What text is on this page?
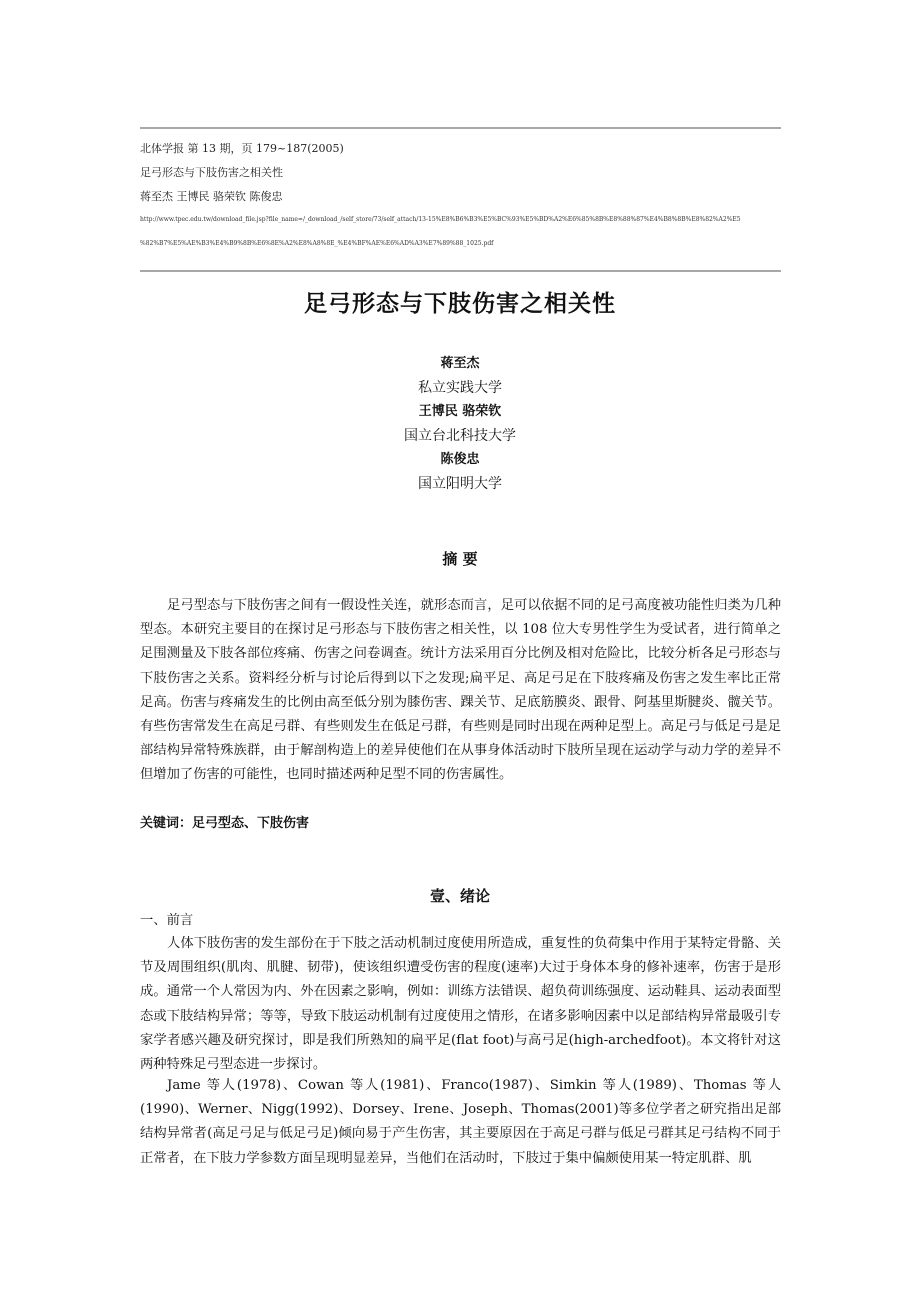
北体学报 第 13 期，页 179~187(2005)
足弓形态与下肢伤害之相关性
蒋至杰 王博民 骆荣钦 陈俊忠
http://www.tpec.edu.tw/download_file.jsp?file_name=/_download_/self_store/73/self_attach/13-15%E8%B6%B3%E5%BC%93%E5%BD%A2%E6%85%8B%E8%88%87%E4%B8%8B%E8%82%A2%E5
%82%B7%E5%AE%B3%E4%B9%8B%E6%8E%A2%E8%A8%8E_%E4%BF%AE%E6%AD%A3%E7%89%88_1025.pdf
足弓形态与下肢伤害之相关性
蒋至杰
私立实践大学
王博民 骆荣钦
国立台北科技大学
陈俊忠
国立阳明大学
摘 要

足弓型态与下肢伤害之间有一假设性关连，就形态而言，足可以依据不同的足弓高度被功能性归类为几种型态。本研究主要目的在探讨足弓形态与下肢伤害之相关性，以 108 位大专男性学生为受试者，进行简单之足围测量及下肢各部位疼痛、伤害之问卷调查。统计方法采用百分比例及相对危险比，比较分析各足弓形态与下肢伤害之关系。资料经分析与讨论后得到以下之发现;扁平足、高足弓足在下肢疼痛及伤害之发生率比正常足高。伤害与疼痛发生的比例由高至低分别为膝伤害、踝关节、足底筋膜炎、跟骨、阿基里斯腱炎、髋关节。有些伤害常发生在高足弓群、有些则发生在低足弓群，有些则是同时出现在两种足型上。高足弓与低足弓是足部结构异常特殊族群，由于解剖构造上的差异使他们在从事身体活动时下肢所呈现在运动学与动力学的差异不但增加了伤害的可能性，也同时描述两种足型不同的伤害属性。

关键词：足弓型态、下肢伤害
壹、绪论
一、前言

人体下肢伤害的发生部份在于下肢之活动机制过度使用所造成，重复性的负荷集中作用于某特定骨骼、关节及周围组织(肌肉、肌腱、韧带)，使该组织遭受伤害的程度(速率)大过于身体本身的修补速率，伤害于是形成。通常一个人常因为内、外在因素之影响，例如：训练方法错误、超负荷训练强度、运动鞋具、运动表面型态或下肢结构异常；等等，导致下肢运动机制有过度使用之情形，在诸多影响因素中以足部结构异常最吸引专家学者感兴趣及研究探讨，即是我们所熟知的扁平足(flat foot)与高弓足(high-archedfoot)。本文将针对这两种特殊足弓型态进一步探讨。

Jame 等人(1978)、Cowan 等人(1981)、Franco(1987)、Simkin 等人(1989)、Thomas 等人(1990)、Werner、Nigg(1992)、Dorsey、Irene、Joseph、Thomas(2001)等多位学者之研究指出足部结构异常者(高足弓足与低足弓足)倾向易于产生伤害，其主要原因在于高足弓群与低足弓群其足弓结构不同于正常者，在下肢力学参数方面呈现明显差异，当他们在活动时，下肢过于集中偏颇使用某一特定肌群、肌
